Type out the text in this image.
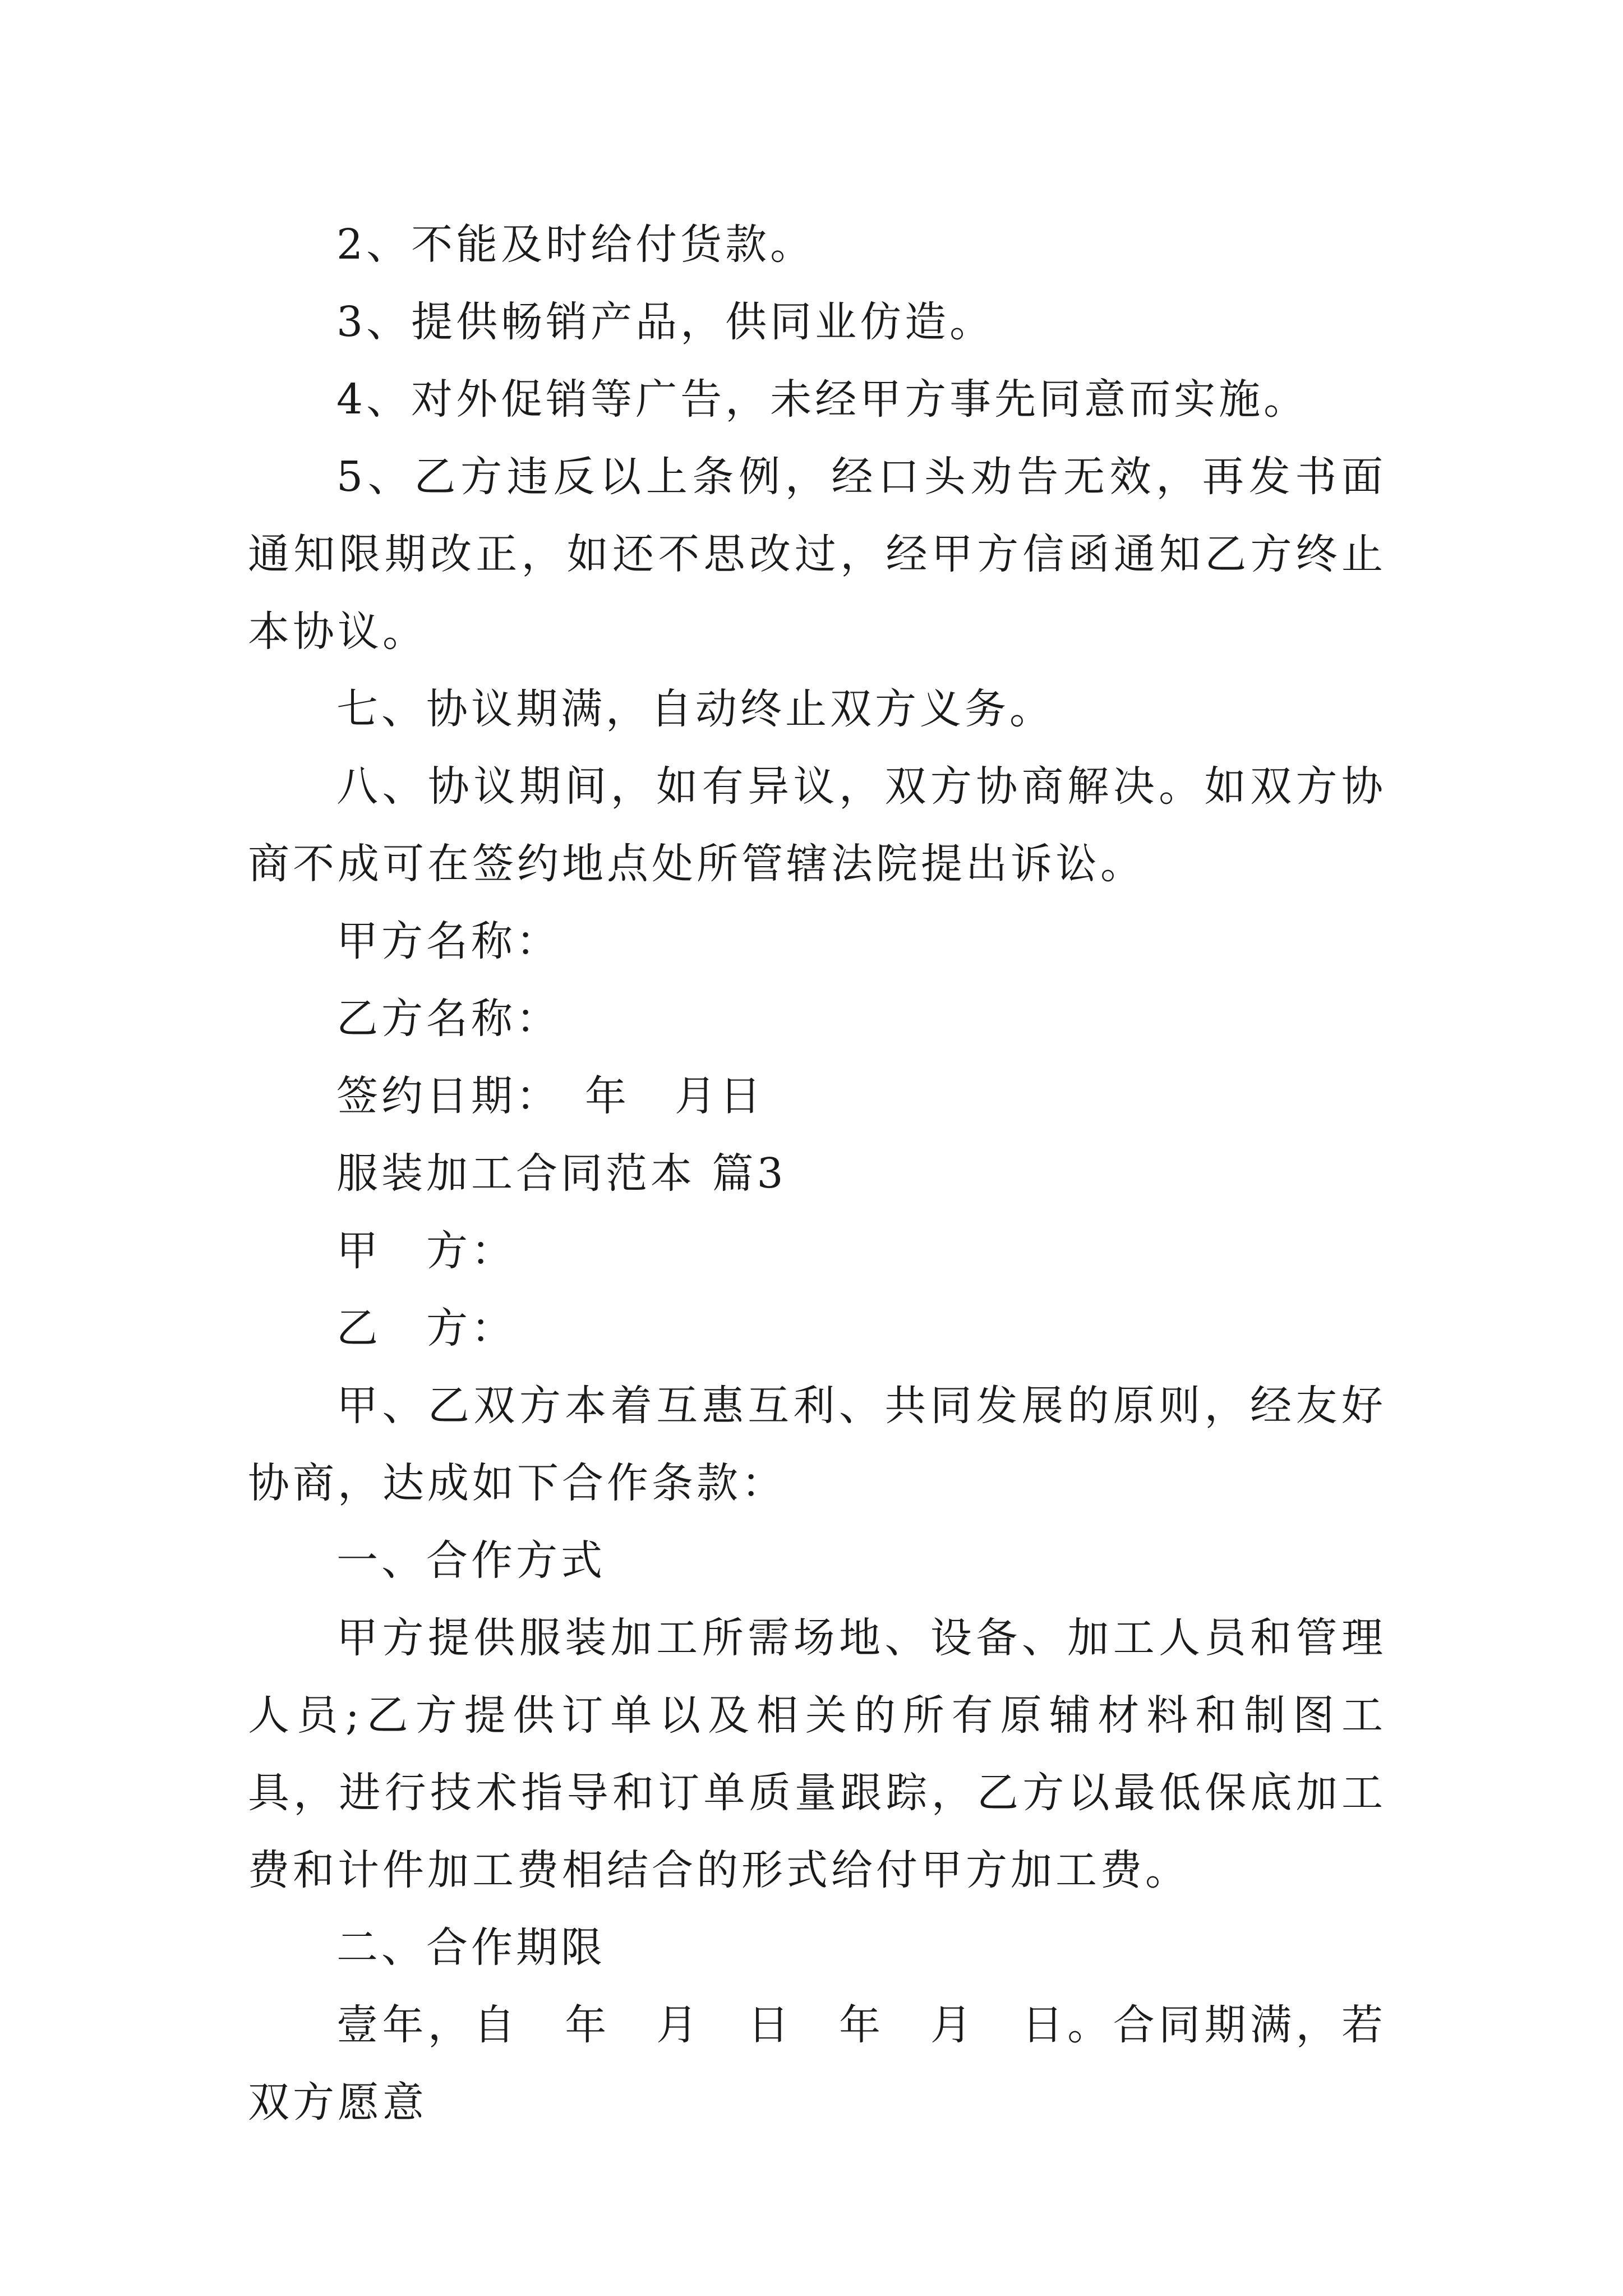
2、不能及时给付货款。

3、提供畅销产品，供同业仿造。

4、对外促销等广告，未经甲方事先同意而实施。

5、乙方违反以上条例，经口头劝告无效，再发书面通知限期改正，如还不思改过，经甲方信函通知乙方终止本协议。

七、协议期满，自动终止双方义务。

八、协议期间，如有异议，双方协商解决。如双方协商不成可在签约地点处所管辖法院提出诉讼。

甲方名称：

乙方名称：

签约日期：　年　月日

服装加工合同范本 篇3

甲　方：

乙　方：

甲、乙双方本着互惠互利、共同发展的原则，经友好协商，达成如下合作条款：

一、合作方式

甲方提供服装加工所需场地、设备、加工人员和管理人员;乙方提供订单以及相关的所有原辅材料和制图工具，进行技术指导和订单质量跟踪，乙方以最低保底加工费和计件加工费相结合的形式给付甲方加工费。

二、合作期限

壹年，自　年　月　日　年　月　日。合同期满，若双方愿意
